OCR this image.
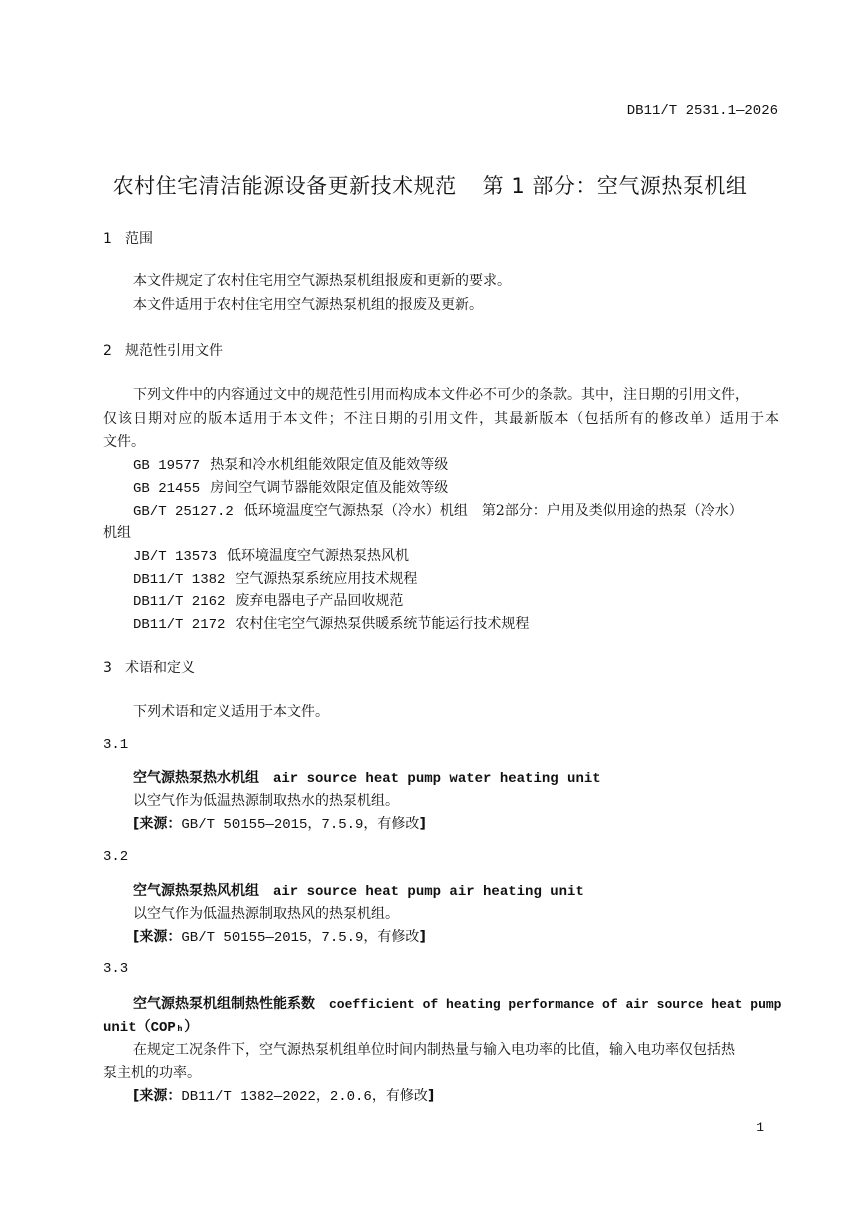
DB11/T 2531.1—2026
农村住宅清洁能源设备更新技术规范 第 1 部分：空气源热泵机组
1 范围
本文件规定了农村住宅用空气源热泵机组报废和更新的要求。
本文件适用于农村住宅用空气源热泵机组的报废及更新。
2 规范性引用文件
下列文件中的内容通过文中的规范性引用而构成本文件必不可少的条款。其中，注日期的引用文件，
仅该日期对应的版本适用于本文件；不注日期的引用文件，其最新版本（包括所有的修改单）适用于本
文件。
GB 19577 热泵和冷水机组能效限定值及能效等级
GB 21455 房间空气调节器能效限定值及能效等级
GB/T 25127.2 低环境温度空气源热泵（冷水）机组　第2部分：户用及类似用途的热泵（冷水）
机组
JB/T 13573 低环境温度空气源热泵热风机
DB11/T 1382 空气源热泵系统应用技术规程
DB11/T 2162 废弃电器电子产品回收规范
DB11/T 2172 农村住宅空气源热泵供暖系统节能运行技术规程
3 术语和定义
下列术语和定义适用于本文件。
3.1
空气源热泵热水机组 air source heat pump water heating unit
以空气作为低温热源制取热水的热泵机组。
[来源：GB/T 50155—2015，7.5.9，有修改]
3.2
空气源热泵热风机组 air source heat pump air heating unit
以空气作为低温热源制取热风的热泵机组。
[来源：GB/T 50155—2015，7.5.9，有修改]
3.3
空气源热泵机组制热性能系数 coefficient of heating performance of air source heat pump
unit（COPₕ）
在规定工况条件下，空气源热泵机组单位时间内制热量与输入电功率的比值，输入电功率仅包括热
泵主机的功率。
[来源：DB11/T 1382—2022，2.0.6，有修改]
1
